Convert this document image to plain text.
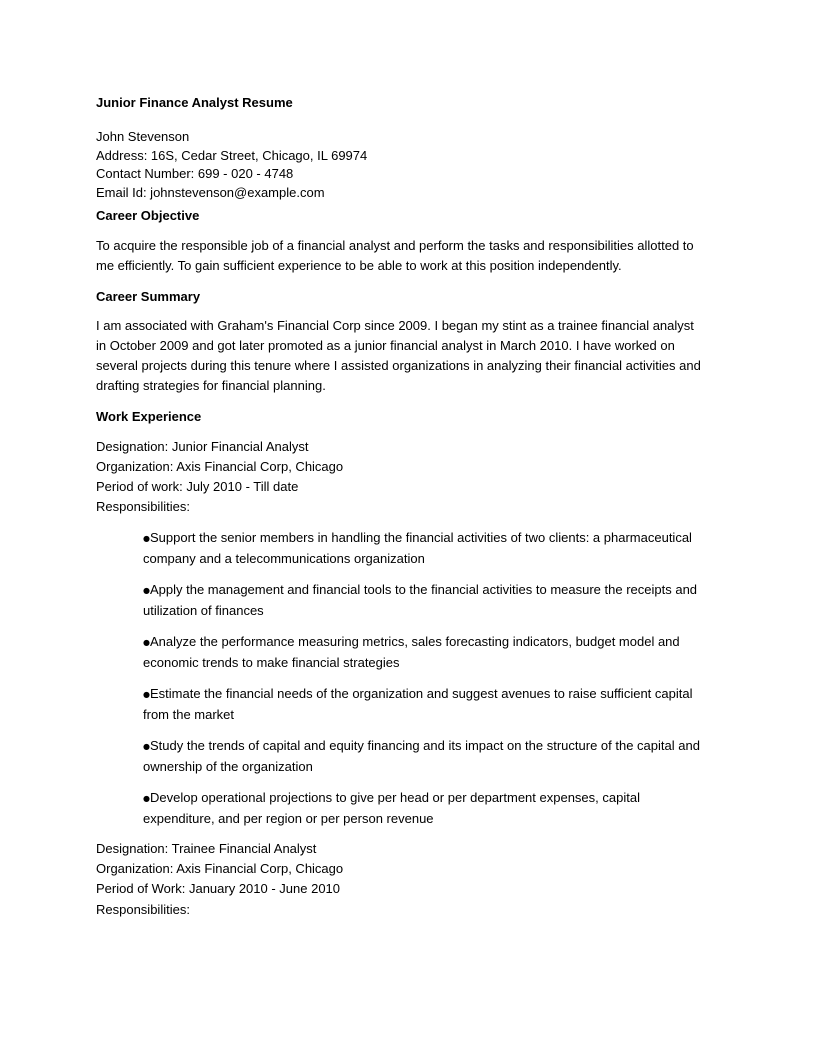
Junior Finance Analyst Resume
John Stevenson
Address: 16S, Cedar Street, Chicago, IL 69974
Contact Number: 699 - 020 - 4748
Email Id: johnstevenson@example.com
Career Objective
To acquire the responsible job of a financial analyst and perform the tasks and responsibilities allotted to
me efficiently. To gain sufficient experience to be able to work at this position independently.
Career Summary
I am associated with Graham's Financial Corp since 2009. I began my stint as a trainee financial analyst
in October 2009 and got later promoted as a junior financial analyst in March 2010. I have worked on
several projects during this tenure where I assisted organizations in analyzing their financial activities and
drafting strategies for financial planning.
Work Experience
Designation: Junior Financial Analyst
Organization: Axis Financial Corp, Chicago
Period of work: July 2010 - Till date
Responsibilities:
●Support the senior members in handling the financial activities of two clients: a pharmaceutical
company and a telecommunications organization
●Apply the management and financial tools to the financial activities to measure the receipts and
utilization of finances
●Analyze the performance measuring metrics, sales forecasting indicators, budget model and
economic trends to make financial strategies
●Estimate the financial needs of the organization and suggest avenues to raise sufficient capital
from the market
●Study the trends of capital and equity financing and its impact on the structure of the capital and
ownership of the organization
●Develop operational projections to give per head or per department expenses, capital
expenditure, and per region or per person revenue
Designation: Trainee Financial Analyst
Organization: Axis Financial Corp, Chicago
Period of Work: January 2010 - June 2010
Responsibilities:
